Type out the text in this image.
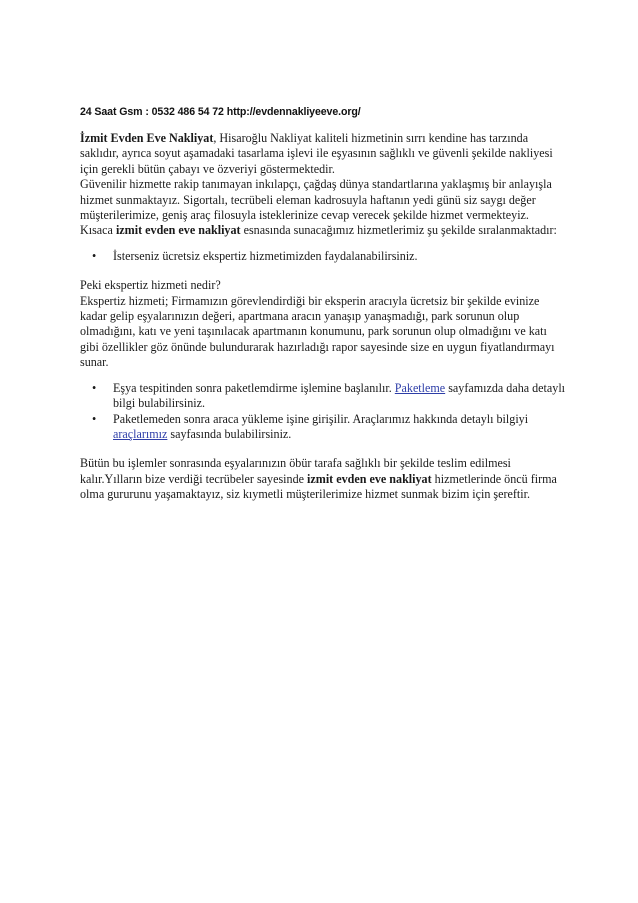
24 Saat Gsm : 0532 486 54 72 http://evdennakliyeeve.org/

İzmit Evden Eve Nakliyat, Hisaroğlu Nakliyat kaliteli hizmetinin sırrı kendine has tarzında saklıdır, ayrıca soyut aşamadaki tasarlama işlevi ile eşyasının sağlıklı ve güvenli şekilde nakliyesi için gerekli bütün çabayı ve özveriyi göstermektedir.

Güvenilir hizmette rakip tanımayan inkılapçı, çağdaş dünya standartlarına yaklaşmış bir anlayışla hizmet sunmaktayız. Sigortalı, tecrübeli eleman kadrosuyla haftanın yedi günü siz saygı değer müşterilerimize, geniş araç filosuyla isteklerinize cevap verecek şekilde hizmet vermekteyiz.

Kısaca izmit evden eve nakliyat esnasında sunacağımız hizmetlerimiz şu şekilde sıralanmaktadır:

• İsterseniz ücretsiz ekspertiz hizmetimizden faydalanabilirsiniz.

Peki ekspertiz hizmeti nedir?

Ekspertiz hizmeti; Firmamızın görevlendirdiği bir eksperin aracıyla ücretsiz bir şekilde evinize kadar gelip eşyalarınızın değeri, apartmana aracın yanaşıp yanaşmadığı, park sorunun olup olmadığını, katı ve yeni taşınılacak apartmanın konumunu, park sorunun olup olmadığını ve katı gibi özellikler göz önünde bulundurarak hazırladığı rapor sayesinde size en uygun fiyatlandırmayı sunar.

• Eşya tespitinden sonra paketlemdirme işlemine başlanılır. Paketleme sayfamızda daha detaylı bilgi bulabilirsiniz.
• Paketlemeden sonra araca yükleme işine girişilir. Araçlarımız hakkında detaylı bilgiyi araçlarımız sayfasında bulabilirsiniz.

Bütün bu işlemler sonrasında eşyalarınızın öbür tarafa sağlıklı bir şekilde teslim edilmesi kalır.Yılların bize verdiği tecrübeler sayesinde izmit evden eve nakliyat hizmetlerinde öncü firma olma gururunu yaşamaktayız, siz kıymetli müşterilerimize hizmet sunmak bizim için şereftir.
